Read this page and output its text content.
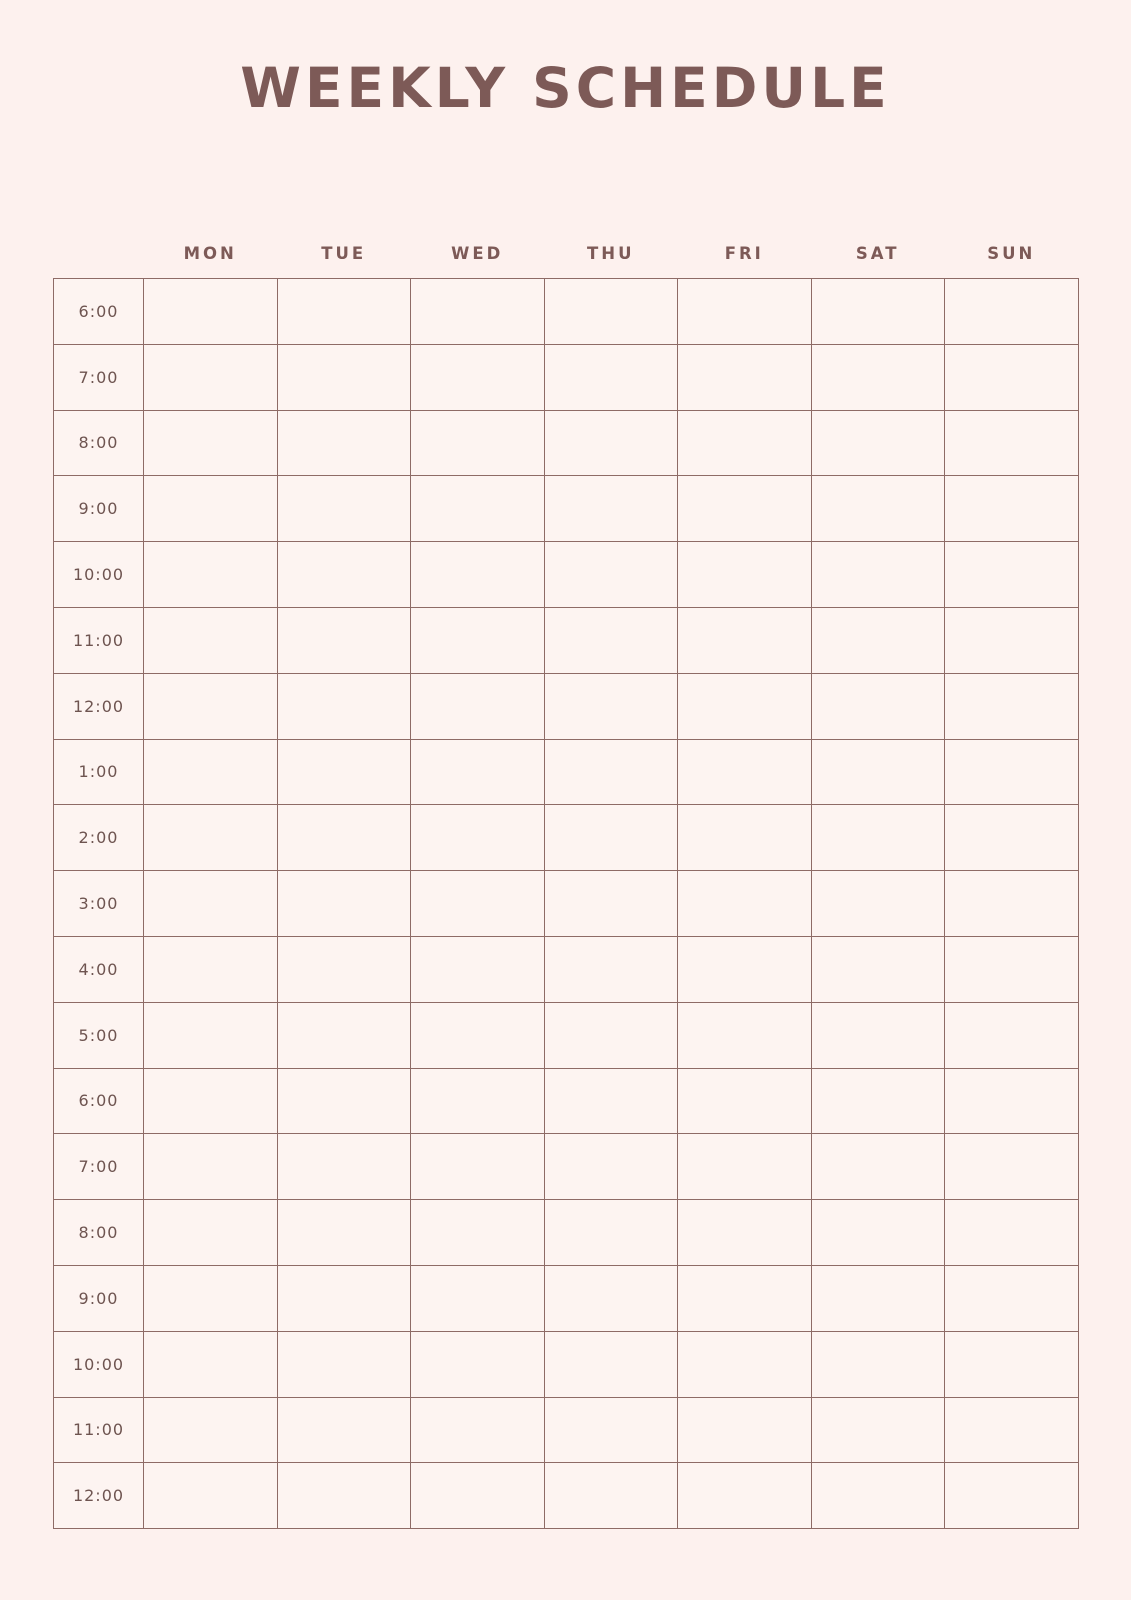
WEEKLY SCHEDULE
	MON	TUE	WED	THU	FRI	SAT	SUN
6:00							
7:00							
8:00							
9:00							
10:00							
11:00							
12:00							
1:00							
2:00							
3:00							
4:00							
5:00							
6:00							
7:00							
8:00							
9:00							
10:00							
11:00							
12:00							
